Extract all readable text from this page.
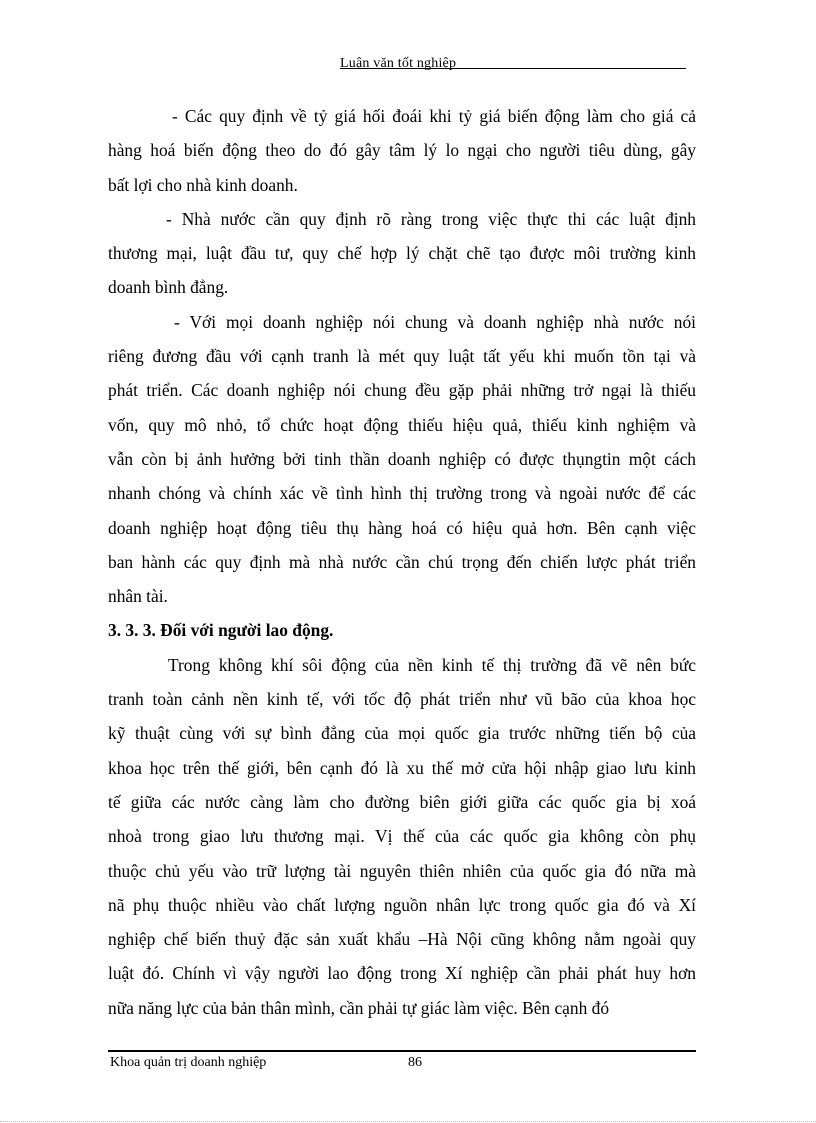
Luận văn tốt nghiệp
- Các quy định về tỷ giá hối đoái khi tỷ giá biến động làm cho giá cả
hàng hoá biến động theo do đó gây tâm lý lo ngại cho người tiêu dùng, gây
bất lợi cho nhà kinh doanh.
- Nhà nước cần quy định rõ ràng trong việc thực thi các luật định
thương mại, luật đầu tư, quy chế hợp lý chặt chẽ tạo được môi trường kinh
doanh bình đẳng.
- Với mọi doanh nghiệp nói chung và doanh nghiệp nhà nước nói
riêng đương đầu với cạnh tranh là mét quy luật tất yếu khi muốn tồn tại và
phát triển. Các doanh nghiệp nói chung đều gặp phải những trở ngại là thiếu
vốn, quy mô nhỏ, tổ chức hoạt động thiếu hiệu quả, thiếu kinh nghiệm và
vẫn còn bị ảnh hưởng bởi tinh thần doanh nghiệp có được thụngtin một cách
nhanh chóng và chính xác về tình hình thị trường trong và ngoài nước để các
doanh nghiệp hoạt động tiêu thụ hàng hoá có hiệu quả hơn. Bên cạnh việc
ban hành các quy định mà nhà nước cần chú trọng đến chiến lược phát triển
nhân tài.
3. 3. 3. Đối với người lao động.
Trong không khí sôi động của nền kinh tế thị trường đã vẽ nên bức
tranh toàn cảnh nền kinh tế, với tốc độ phát triển như vũ bão của khoa học
kỹ thuật cùng với sự bình đẳng của mọi quốc gia trước những tiến bộ của
khoa học trên thế giới, bên cạnh đó là xu thế mở cửa hội nhập giao lưu kinh
tế giữa các nước càng làm cho đường biên giới giữa các quốc gia bị xoá
nhoà trong giao lưu thương mại. Vị thế của các quốc gia không còn phụ
thuộc chủ yếu vào trữ lượng tài nguyên thiên nhiên của quốc gia đó nữa mà
nã phụ thuộc nhiều vào chất lượng nguồn nhân lực trong quốc gia đó và Xí
nghiệp chế biến thuỷ đặc sản xuất khẩu –Hà Nội cũng không nằm ngoài quy
luật đó. Chính vì vậy người lao động trong Xí nghiệp cần phải phát huy hơn
nữa năng lực của bản thân mình, cần phải tự giác làm việc. Bên cạnh đó
Khoa quản trị doanh nghiệp	86
